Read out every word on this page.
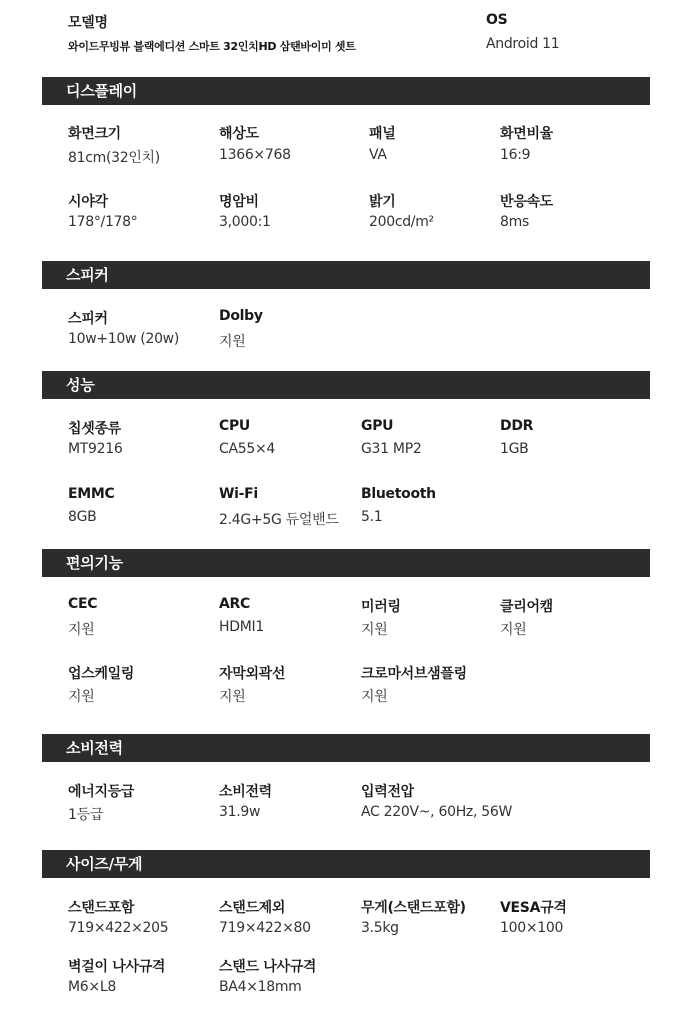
모델명
와이드무빙뷰 블랙에디션 스마트 32인치HD 삼탠바이미 셋트
OS
Android 11
디스플레이
화면크기
81cm(32인치)
해상도
1366×768
패널
VA
화면비율
16:9
시야각
178°/178°
명암비
3,000:1
밝기
200cd/m²
반응속도
8ms
스피커
스피커
10w+10w (20w)
Dolby
지원
성능
칩셋종류
MT9216
CPU
CA55×4
GPU
G31 MP2
DDR
1GB
EMMC
8GB
Wi-Fi
2.4G+5G 듀얼밴드
Bluetooth
5.1
편의기능
CEC
지원
ARC
HDMI1
미러링
지원
클리어캠
지원
업스케일링
지원
자막외곽선
지원
크로마서브샘플링
지원
소비전력
에너지등급
1등급
소비전력
31.9w
입력전압
AC 220V~, 60Hz, 56W
사이즈/무게
스탠드포함
719×422×205
스탠드제외
719×422×80
무게(스탠드포함)
3.5kg
VESA규격
100×100
벽걸이 나사규격
M6×L8
스탠드 나사규격
BA4×18mm
